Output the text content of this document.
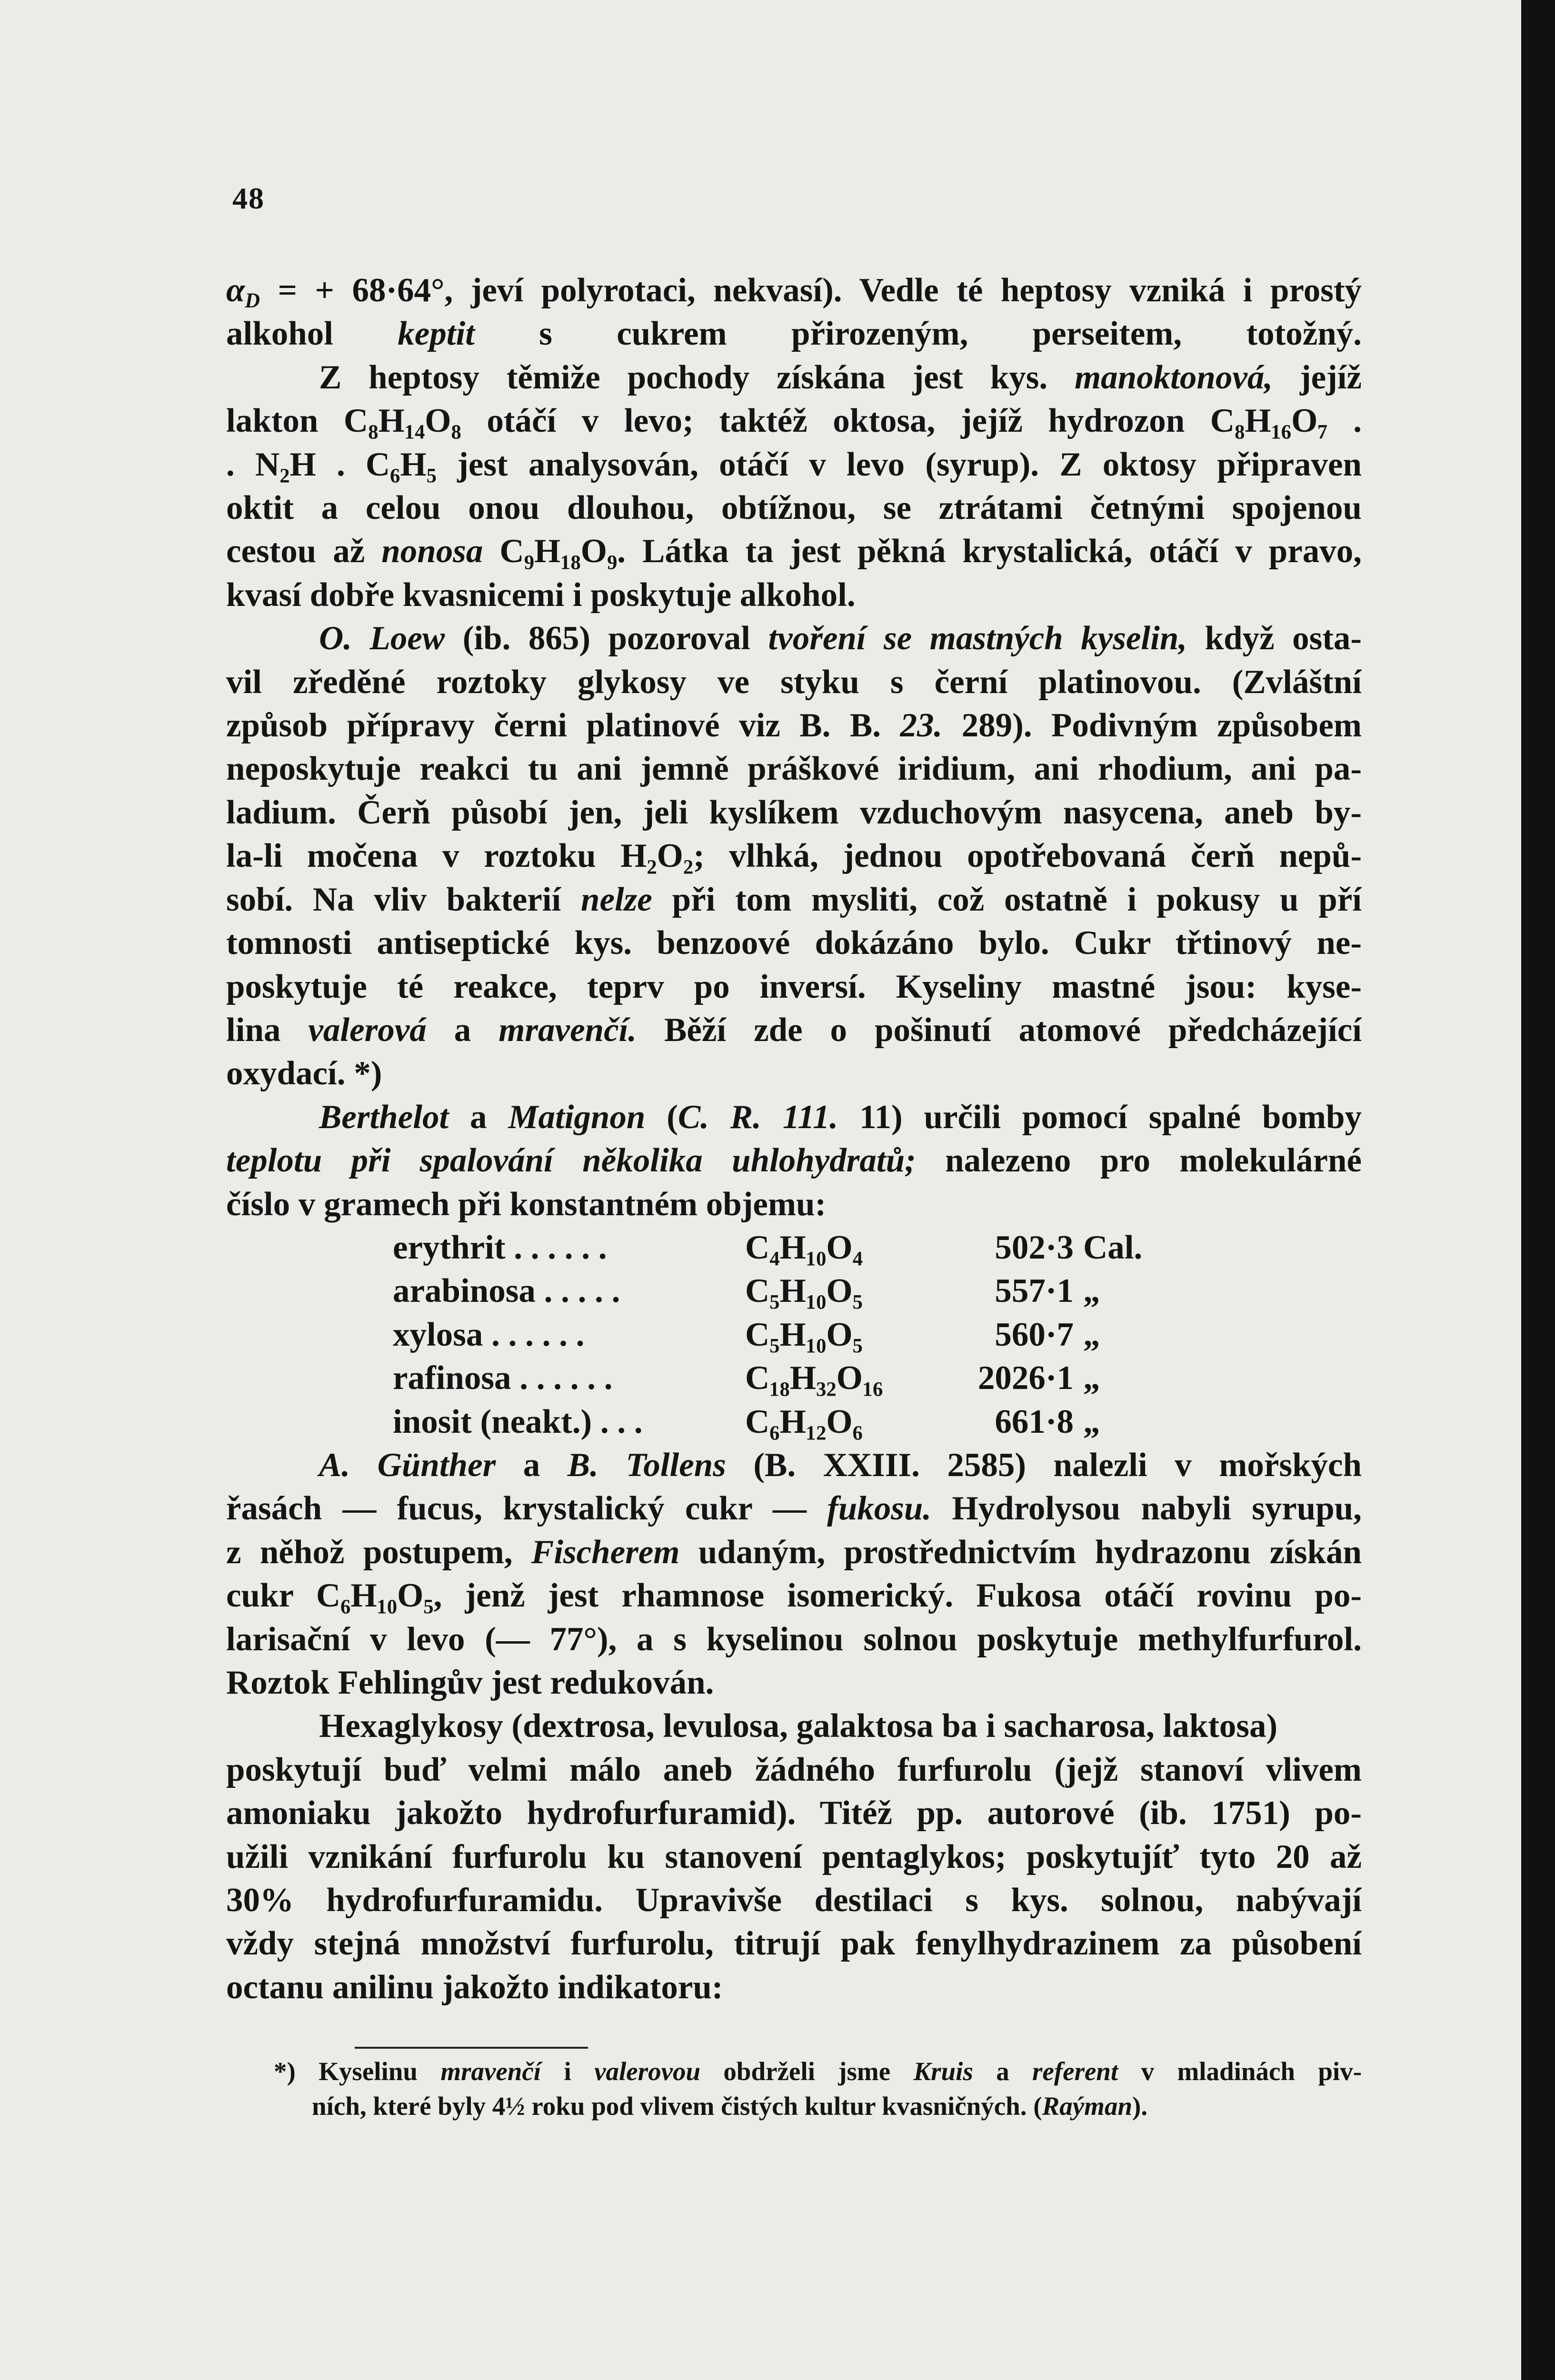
48
$\alpha_D$ = + 68·64°, jeví polyrotaci, nekvasí). Vedle té heptosy vzniká i prostý
alkohol keptit s cukrem přirozeným, perseitem, totožný.
Z heptosy těmiže pochody získána jest kys. manoktonová, jejíž
lakton C₈H₁₄O₈ otáčí v levo; taktéž oktosa, jejíž hydrozon C₈H₁₆O₇ .
. N₂H . C₆H₅ jest analysován, otáčí v levo (syrup). Z oktosy připraven
oktit a celou onou dlouhou, obtížnou, se ztrátami četnými spojenou
cestou až nonosa C₉H₁₈O₉. Látka ta jest pěkná krystalická, otáčí v pravo,
kvasí dobře kvasnicemi i poskytuje alkohol.
O. Loew (ib. 865) pozoroval tvoření se mastných kyselin, když osta-
vil zředěné roztoky glykosy ve styku s černí platinovou. (Zvláštní
způsob přípravy černi platinové viz B. B. 23. 289). Podivným způsobem
neposkytuje reakci tu ani jemně práškové iridium, ani rhodium, ani pa-
ladium. Čerň působí jen, jeli kyslíkem vzduchovým nasycena, aneb by-
la-li močena v roztoku H₂O₂; vlhká, jednou opotřebovaná čerň nepů-
sobí. Na vliv bakterií nelze při tom mysliti, což ostatně i pokusy u pří
tomnosti antiseptické kys. benzoové dokázáno bylo. Cukr třtinový ne-
poskytuje té reakce, teprv po inversí. Kyseliny mastné jsou: kyse-
lina valerová a mravenčí. Běží zde o pošinutí atomové předcházející
oxydací. *)
Berthelot a Matignon (C. R. 111. 11) určili pomocí spalné bomby
teplotu při spalování několika uhlohydratů; nalezeno pro molekulárné
číslo v gramech při konstantném objemu:
erythrit . . . . . .	C₄H₁₀O₄	502·3	Cal.
arabinosa . . . . .	C₅H₁₀O₅	557·1	„
xylosa . . . . . .	C₅H₁₀O₅	560·7	„
rafinosa . . . . . .	C₁₈H₃₂O₁₆	2026·1	„
inosit (neakt.) . . .	C₆H₁₂O₆	661·8	„
A. Günther a B. Tollens (B. XXIII. 2585) nalezli v mořských
řasách — fucus, krystalický cukr — fukosu. Hydrolysou nabyli syrupu,
z něhož postupem, Fischerem udaným, prostřednictvím hydrazonu získán
cukr C₆H₁₀O₅, jenž jest rhamnose isomerický. Fukosa otáčí rovinu po-
larisační v levo (— 77°), a s kyselinou solnou poskytuje methylfurfurol.
Roztok Fehlingův jest redukován.
Hexaglykosy (dextrosa, levulosa, galaktosa ba i sacharosa, laktosa)
poskytují buď velmi málo aneb žádného furfurolu (jejž stanoví vlivem
amoniaku jakožto hydrofurfuramid). Titéž pp. autorové (ib. 1751) po-
užili vznikání furfurolu ku stanovení pentaglykos; poskytujíť tyto 20 až
30% hydrofurfuramidu. Upravivše destilaci s kys. solnou, nabývají
vždy stejná množství furfurolu, titrují pak fenylhydrazinem za působení
octanu anilinu jakožto indikatoru:
*) Kyselinu mravenčí i valerovou obdrželi jsme Kruis a referent v mladinách piv-
ních, které byly 4½ roku pod vlivem čistých kultur kvasničných. (Raýman).
